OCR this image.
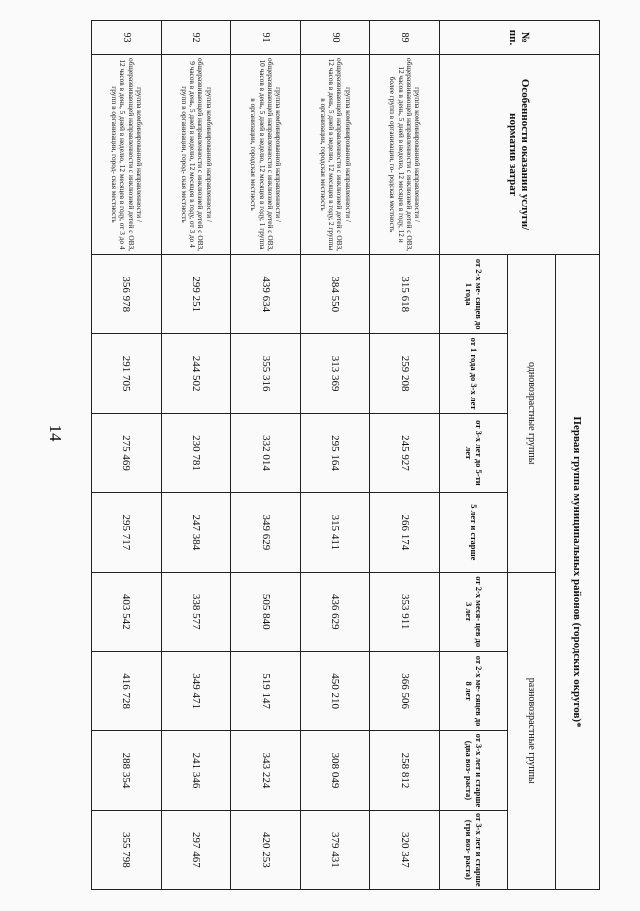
14
№ пп.	Особенности оказания услуги/норматив затрат	Первая группа муниципальных районов (городских округов)*							
		одновозрастные группы				разновозрастные группы			
		от 2-х ме- сяцев до 1 года	от 1 года до 3-х лет	от 3-х лет до 5-ти лет	5 лет и старше	от 2-х меся- цев до 3 лет	от 2-х ме- сяцев до 8 лет	от 3-х лет и старше (два воз- раста)	от 3-х лет и старше (три воз- раста)
89	группа комбинированной направленности / общеразвивающей направленности с инклюзией детей с ОВЗ, 12 часов в день, 5 дней в неделю, 12 месяцев в году, 12 и более групп в организации, го- родская местность	315 618	259 208	245 927	266 174	353 911	366 506	258 812	320 347
90	группа комбинированной направленности / общеразвивающей направленности с инклюзией детей с ОВЗ, 12 часов в день, 5 дней в неделю, 12 месяцев в году, 2 группы в организации, городская местность	384 550	313 369	295 164	315 411	436 629	450 210	308 049	379 431
91	группа комбинированной направленности / общеразвивающей направленности с инклюзией детей с ОВЗ, 10 часов в день, 5 дней в неделю, 12 месяцев в году, 1 группа в организации, городская местность	439 634	355 316	332 014	349 629	505 840	519 147	343 224	420 253
92	группа комбинированной направленности / общеразвивающей направленности с инклюзией детей с ОВЗ, 9 часов в день, 5 дней в неделю, 12 месяцев в году, от 3 до 4 групп в организации, город- ская местность	299 251	244 502	230 781	247 384	338 577	349 471	241 346	297 467
93	группа комбинированной направленности / общеразвивающей направленности с инклюзией детей с ОВЗ, 12 часов в день, 5 дней в неделю, 12 месяцев в году, от 3 до 4 групп в организации, город- ская местность	356 978	291 705	275 469	295 717	403 542	416 728	288 354	355 798
